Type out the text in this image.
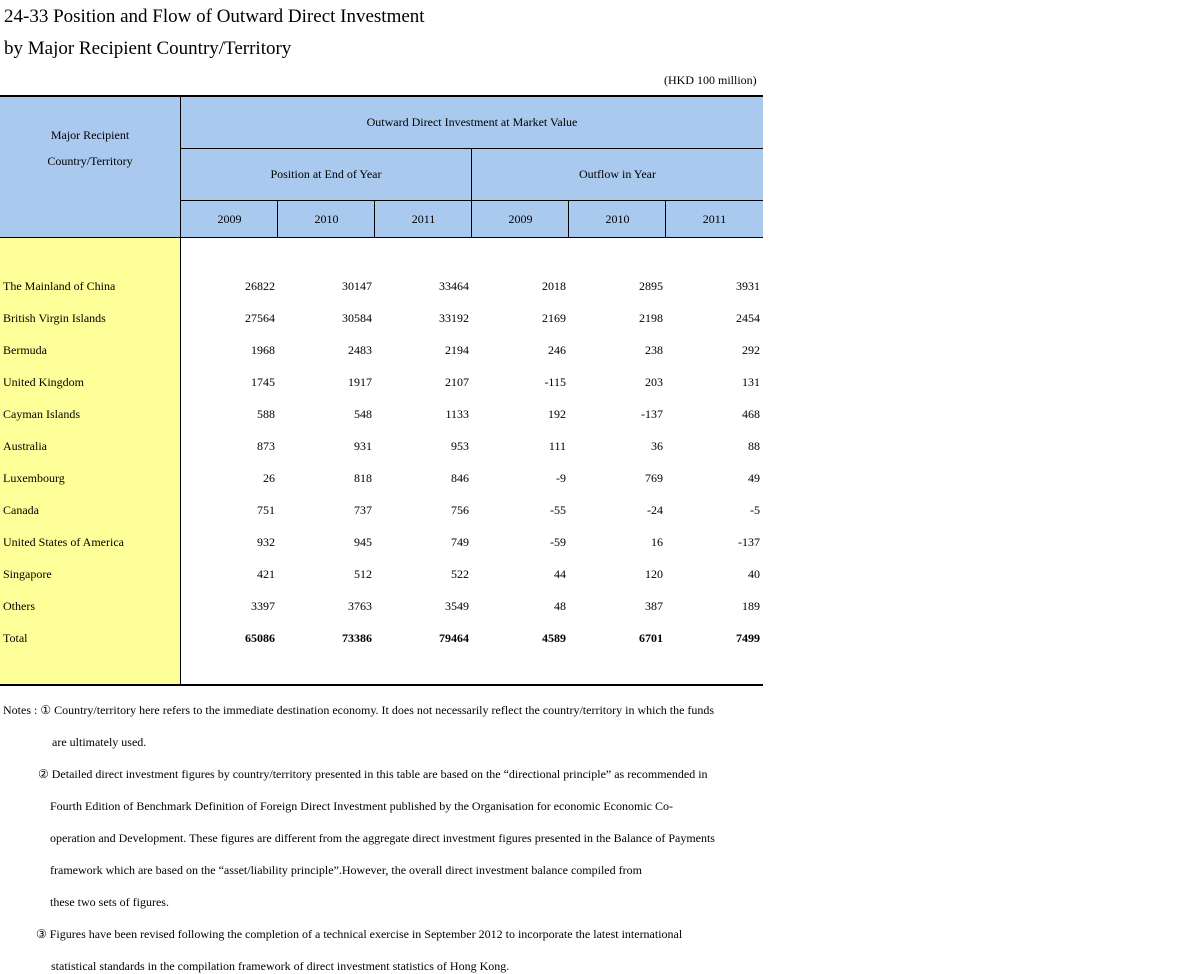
24-33 Position and Flow of Outward Direct Investment
by Major Recipient Country/Territory
(HKD 100 million)
Major Recipient
Country/Territory
Outward Direct Investment at Market Value
Position at End of Year	Outflow in Year
2009	2010	2011	2009	2010	2011
The Mainland of China	26822	30147	33464	2018	2895	3931
British Virgin Islands	27564	30584	33192	2169	2198	2454
Bermuda	1968	2483	2194	246	238	292
United Kingdom	1745	1917	2107	-115	203	131
Cayman Islands	588	548	1133	192	-137	468
Australia	873	931	953	111	36	88
Luxembourg	26	818	846	-9	769	49
Canada	751	737	756	-55	-24	-5
United States of America	932	945	749	-59	16	-137
Singapore	421	512	522	44	120	40
Others	3397	3763	3549	48	387	189
Total	65086	73386	79464	4589	6701	7499
Notes : ① Country/territory here refers to the immediate destination economy. It does not necessarily reflect the country/territory in which the funds
are ultimately used.
② Detailed direct investment figures by country/territory presented in this table are based on the “directional principle” as recommended in
Fourth Edition of Benchmark Definition of Foreign Direct Investment published by the Organisation for economic Economic Co-
operation and Development. These figures are different from the aggregate direct investment figures presented in the Balance of Payments
framework which are based on the “asset/liability principle”.However, the overall direct investment balance compiled from
these two sets of figures.
③ Figures have been revised following the completion of a technical exercise in September 2012 to incorporate the latest international
statistical standards in the compilation framework of direct investment statistics of Hong Kong.
